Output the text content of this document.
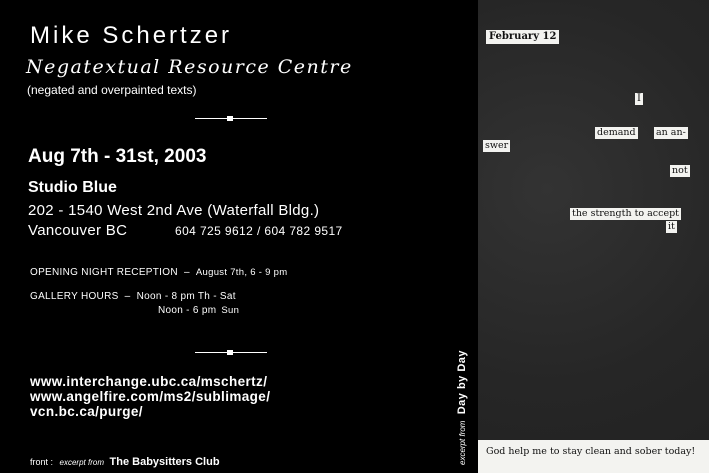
Mike Schertzer
Negatextual Resource Centre
(negated and overpainted texts)
Aug 7th - 31st, 2003
Studio Blue
202 - 1540 West 2nd Ave (Waterfall Bldg.)
Vancouver BC	604 725 9612 / 604 782 9517
OPENING NIGHT RECEPTION – August 7th, 6 - 9 pm
GALLERY HOURS – Noon - 8 pm Th - Sat
Noon - 6 pm Sun
www.interchange.ubc.ca/mschertz/
www.angelfire.com/ms2/sublimage/
vcn.bc.ca/purge/
front : excerpt from The Babysitters Club	excerpt from Day by Day
February 12
I
demand an an-
swer
not
the strength to accept
it
God help me to stay clean and sober today!
